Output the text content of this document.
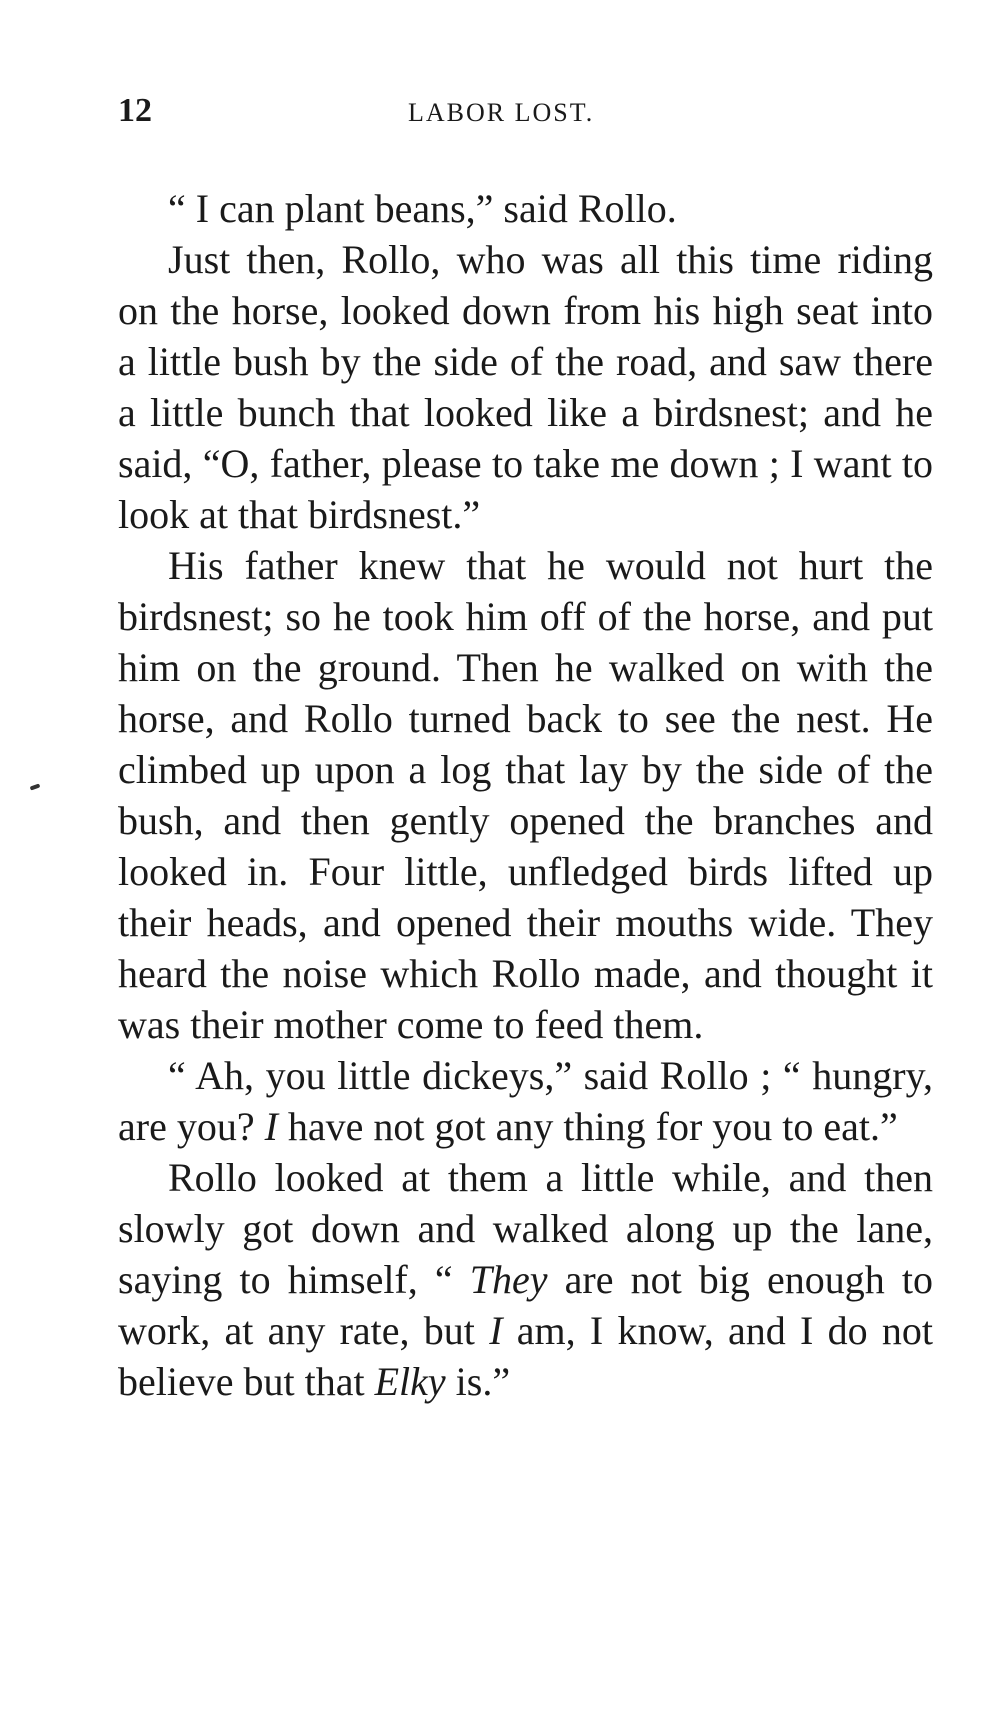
12	LABOR LOST.

“ I can plant beans,” said Rollo.

Just then, Rollo, who was all this time riding on the horse, looked down from his high seat into a little bush by the side of the road, and saw there a little bunch that looked like a birdsnest; and he said, “O, father, please to take me down ; I want to look at that birdsnest.”

His father knew that he would not hurt the birdsnest; so he took him off of the horse, and put him on the ground. Then he walked on with the horse, and Rollo turned back to see the nest. He climbed up upon a log that lay by the side of the bush, and then gently opened the branches and looked in. Four little, unfledged birds lifted up their heads, and opened their mouths wide. They heard the noise which Rollo made, and thought it was their mother come to feed them.

“ Ah, you little dickeys,” said Rollo ; “ hungry, are you? I have not got any thing for you to eat.”

Rollo looked at them a little while, and then slowly got down and walked along up the lane, saying to himself, “ They are not big enough to work, at any rate, but I am, I know, and I do not believe but that Elky is.”
